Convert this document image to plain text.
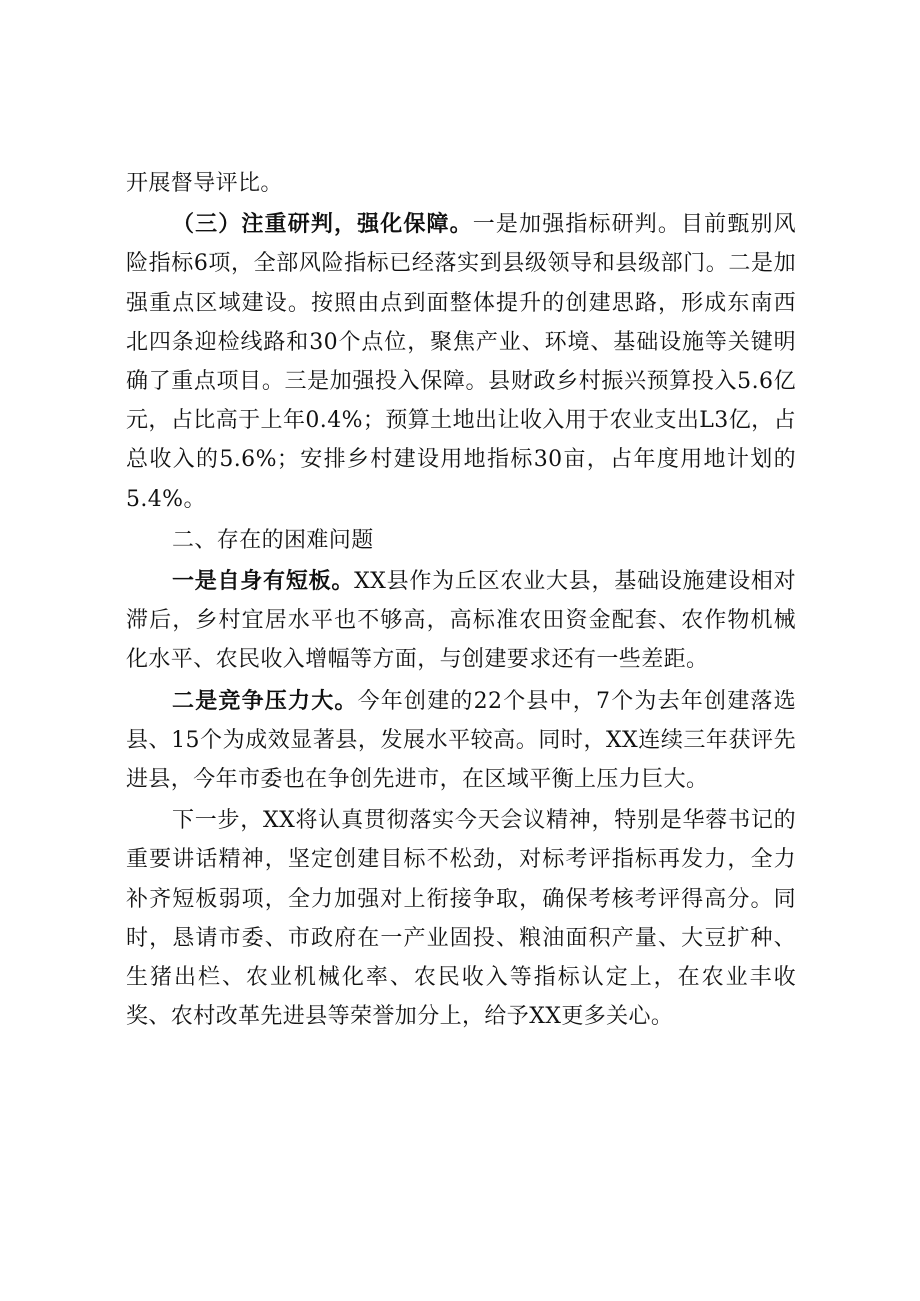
开展督导评比。

（三）注重研判，强化保障。一是加强指标研判。目前甄别风险指标6项，全部风险指标已经落实到县级领导和县级部门。二是加强重点区域建设。按照由点到面整体提升的创建思路，形成东南西北四条迎检线路和30个点位，聚焦产业、环境、基础设施等关键明确了重点项目。三是加强投入保障。县财政乡村振兴预算投入5.6亿元，占比高于上年0.4%；预算土地出让收入用于农业支出L3亿，占总收入的5.6%；安排乡村建设用地指标30亩，占年度用地计划的5.4%。

二、存在的困难问题

一是自身有短板。XX县作为丘区农业大县，基础设施建设相对滞后，乡村宜居水平也不够高，高标准农田资金配套、农作物机械化水平、农民收入增幅等方面，与创建要求还有一些差距。

二是竞争压力大。今年创建的22个县中，7个为去年创建落选县、15个为成效显著县，发展水平较高。同时，XX连续三年获评先进县，今年市委也在争创先进市，在区域平衡上压力巨大。

下一步，XX将认真贯彻落实今天会议精神，特别是华蓉书记的重要讲话精神，坚定创建目标不松劲，对标考评指标再发力，全力补齐短板弱项，全力加强对上衔接争取，确保考核考评得高分。同时，恳请市委、市政府在一产业固投、粮油面积产量、大豆扩种、生猪出栏、农业机械化率、农民收入等指标认定上，在农业丰收奖、农村改革先进县等荣誉加分上，给予XX更多关心。
